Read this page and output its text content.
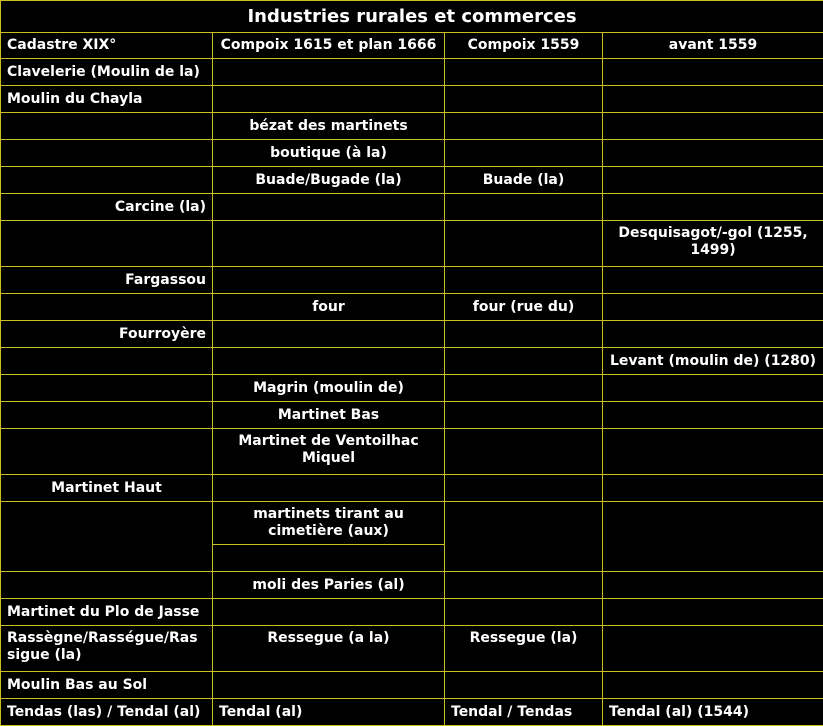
Industries rurales et commerces			
Cadastre XIX°	Compoix 1615 et plan 1666	Compoix 1559	avant 1559
Clavelerie (Moulin de la)			
Moulin du Chayla			
	bézat des martinets		
	boutique (à la)		
	Buade/Bugade (la)	Buade (la)	
Carcine (la)			
			Desquisagot/-gol (1255, 1499)
Fargassou			
	four	four (rue du)	
Fourroyère			
			Levant (moulin de) (1280)
	Magrin (moulin de)		
	Martinet Bas		
	Martinet de Ventoilhac Miquel		
Martinet Haut			
	martinets tirant au cimetière (aux)		

	moli des Paries (al)		
Martinet du Plo de Jasse			
Rassègne/Rasségue/Ras sigue (la)	Ressegue (a la)	Ressegue (la)	
Moulin Bas au Sol			
Tendas (las) / Tendal (al)	Tendal (al)	Tendal / Tendas	Tendal (al) (1544)
